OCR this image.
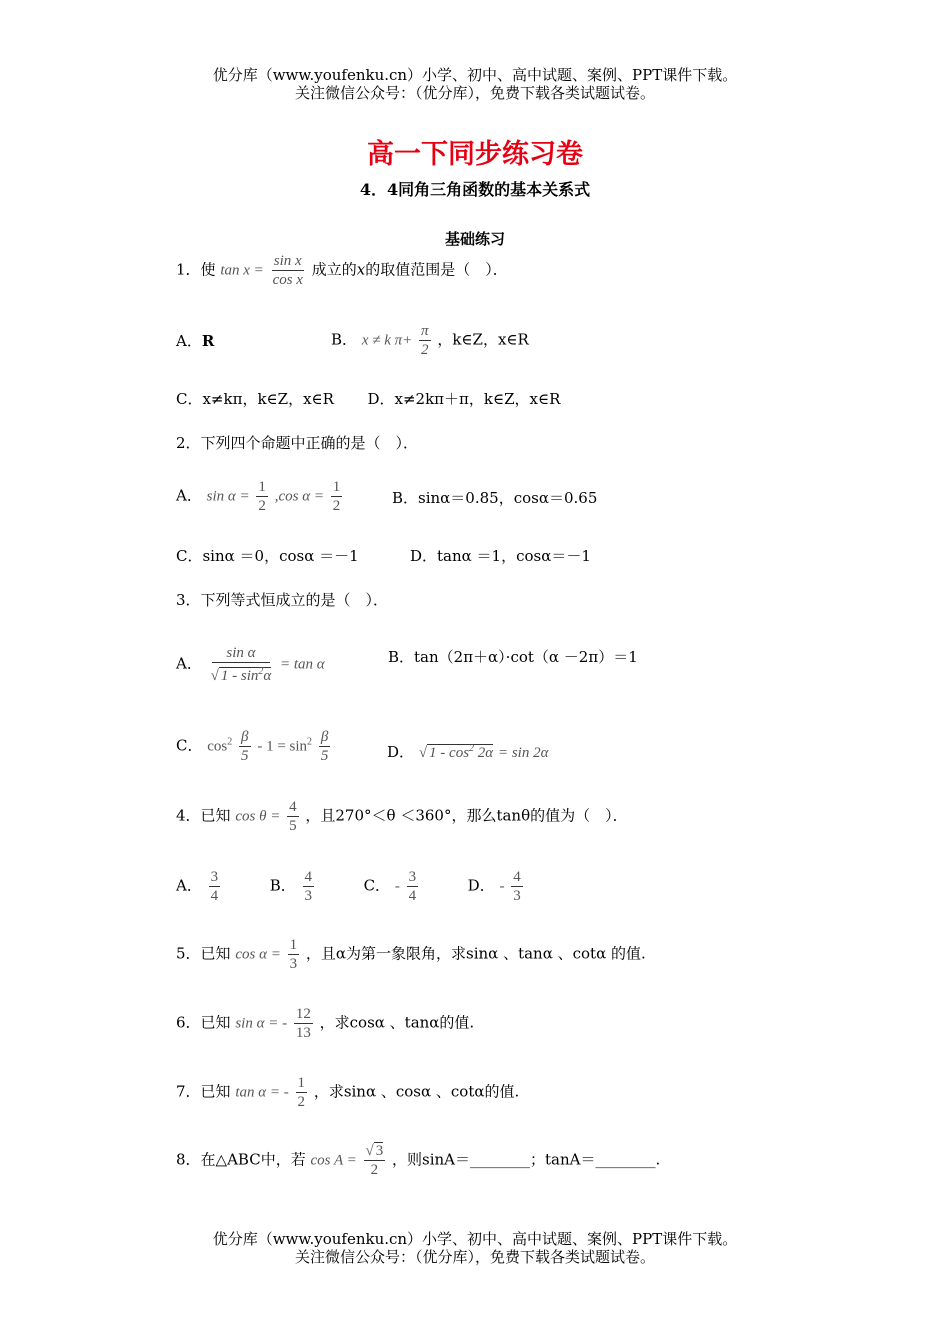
优分库（www.youfenku.cn）小学、初中、高中试题、案例、PPT课件下载。
关注微信公众号：（优分库），免费下载各类试题试卷。
高一下同步练习卷
4．4同角三角函数的基本关系式
基础练习
1．使 $\tan x = \frac{\text{sin x}}{\text{cos x}}$ 成立的x的取值范围是（　）．
A．R	B． x ≠ k $\pi+ \frac{\pi}{2}$ ，k∈Z，x∈R
C．x≠kπ，k∈Z，x∈R D．x≠2kπ＋π，k∈Z，x∈R
2．下列四个命题中正确的是（　）．
A． $\sin \alpha = \frac{1}{2} ,\cos$ $\alpha = \frac{1}{2}$	B．sinα＝0.85，cosα＝0.65
C．sinα ＝0，cosα ＝－1	D．tanα ＝1，cosα＝－1
3．下列等式恒成立的是（　）．
A． $\frac{\text{sin α}}{√ 1 - \sin^2\alpha} = \tan \alpha$	B．tan（2π＋α）·cot（α －2π）＝1
C． $\cos^2 \frac{\beta}{5} - 1 = \sin^2 \frac{\beta}{5}$	D． √ $1 - \cos^2 2\alpha = \sin 2\alpha$
4．已知 $\cos \theta = \frac{4}{5}$ ，且270°＜θ ＜360°，那么tanθ的值为（　）．
A． $\frac{3}{4}$	B． $\frac{4}{3}$	C． - $\frac{3}{4}$	D． - $\frac{4}{3}$
5．已知 $\cos \alpha = \frac{1}{3}$ ，且α为第一象限角，求sinα 、tanα 、cotα 的值.
6．已知 sin α = - $\frac{12}{13}$ ，求cosα 、tanα的值.
7．已知 tan α = - $\frac{1}{2}$ ，求sinα 、cosα 、cotα的值.
8．在△ABC中，若 $\cos A = \frac{√ 3}{2}$ ，则sinA＝________；tanA＝________.
优分库（www.youfenku.cn）小学、初中、高中试题、案例、PPT课件下载。
关注微信公众号：（优分库），免费下载各类试题试卷。
